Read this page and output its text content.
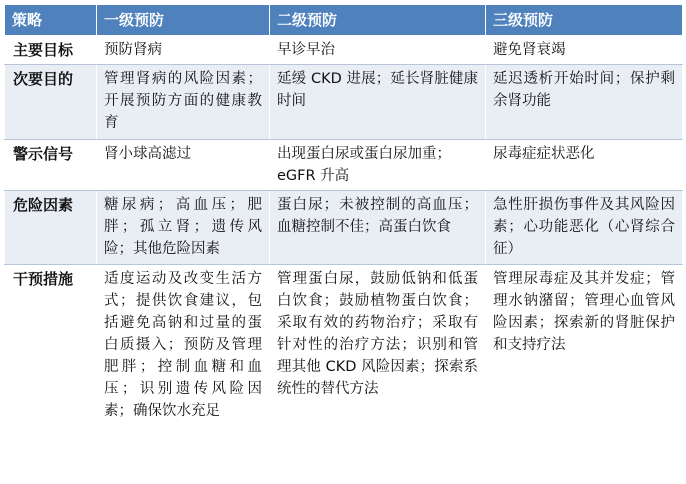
策略	一级预防	二级预防	三级预防
主要目标	预防肾病	早诊早治	避免肾衰竭
次要目的	管理肾病的风险因素；开展预防方面的健康教育	延缓 CKD 进展；延长肾脏健康时间	延迟透析开始时间；保护剩余肾功能
警示信号	肾小球高滤过	出现蛋白尿或蛋白尿加重；eGFR 升高	尿毒症症状恶化
危险因素	糖尿病；高血压；肥胖；孤立肾；遗传风险；其他危险因素	蛋白尿；未被控制的高血压；血糖控制不佳；高蛋白饮食	急性肝损伤事件及其风险因素；心功能恶化（心肾综合征）
干预措施	适度运动及改变生活方式；提供饮食建议，包括避免高钠和过量的蛋白质摄入；预防及管理肥胖；控制血糖和血压；识别遗传风险因素；确保饮水充足	管理蛋白尿，鼓励低钠和低蛋白饮食；鼓励植物蛋白饮食；采取有效的药物治疗；采取有针对性的治疗方法；识别和管理其他 CKD 风险因素；探索系统性的替代方法	管理尿毒症及其并发症；管理水钠潴留；管理心血管风险因素；探索新的肾脏保护和支持疗法
